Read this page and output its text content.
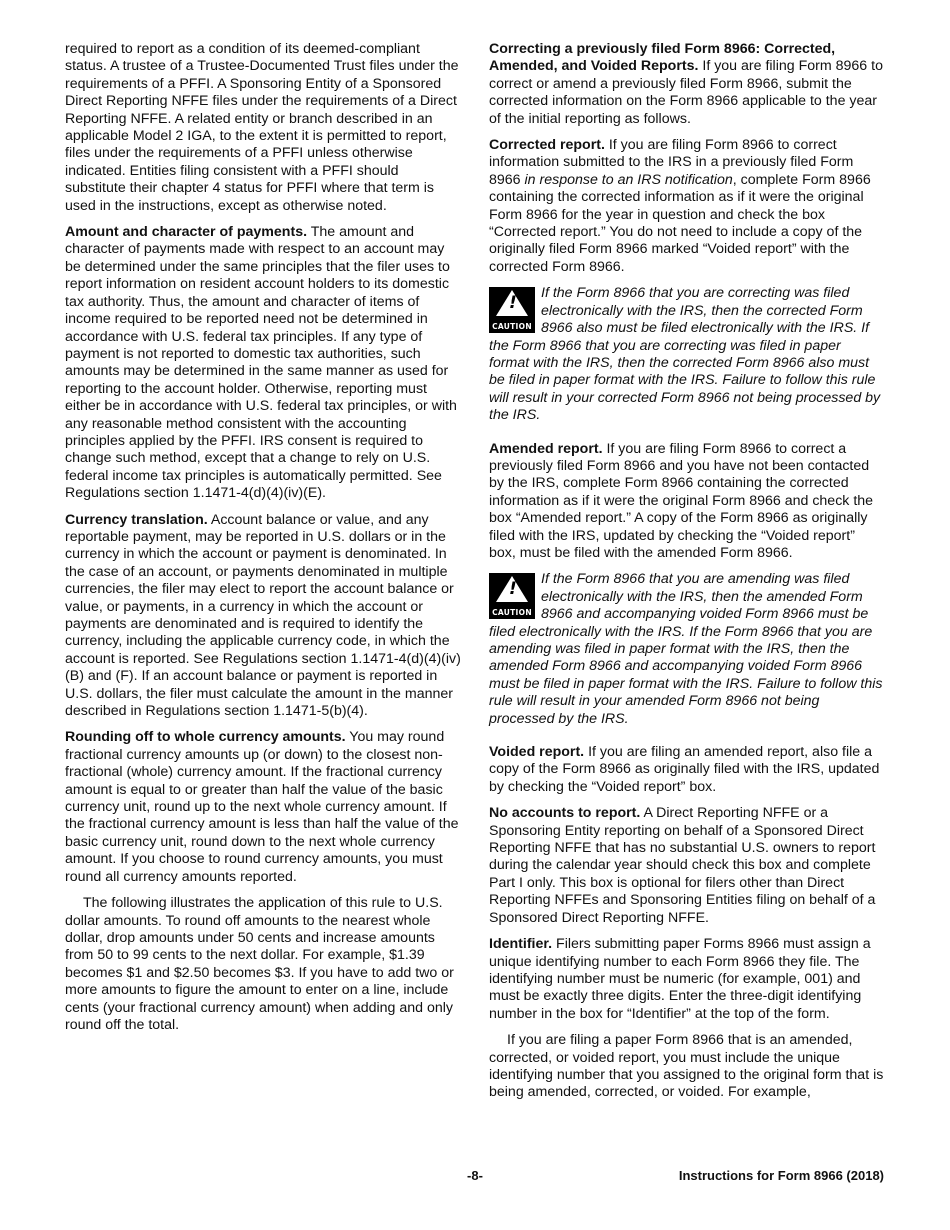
required to report as a condition of its deemed-compliant status. A trustee of a Trustee-Documented Trust files under the requirements of a PFFI. A Sponsoring Entity of a Sponsored Direct Reporting NFFE files under the requirements of a Direct Reporting NFFE. A related entity or branch described in an applicable Model 2 IGA, to the extent it is permitted to report, files under the requirements of a PFFI unless otherwise indicated. Entities filing consistent with a PFFI should substitute their chapter 4 status for PFFI where that term is used in the instructions, except as otherwise noted.

Amount and character of payments. The amount and character of payments made with respect to an account may be determined under the same principles that the filer uses to report information on resident account holders to its domestic tax authority. Thus, the amount and character of items of income required to be reported need not be determined in accordance with U.S. federal tax principles. If any type of payment is not reported to domestic tax authorities, such amounts may be determined in the same manner as used for reporting to the account holder. Otherwise, reporting must either be in accordance with U.S. federal tax principles, or with any reasonable method consistent with the accounting principles applied by the PFFI. IRS consent is required to change such method, except that a change to rely on U.S. federal income tax principles is automatically permitted. See Regulations section 1.1471-4(d)(4)(iv)(E).

Currency translation. Account balance or value, and any reportable payment, may be reported in U.S. dollars or in the currency in which the account or payment is denominated. In the case of an account, or payments denominated in multiple currencies, the filer may elect to report the account balance or value, or payments, in a currency in which the account or payments are denominated and is required to identify the currency, including the applicable currency code, in which the account is reported. See Regulations section 1.1471-4(d)(4)(iv)(B) and (F). If an account balance or payment is reported in U.S. dollars, the filer must calculate the amount in the manner described in Regulations section 1.1471-5(b)(4).

Rounding off to whole currency amounts. You may round fractional currency amounts up (or down) to the closest non-fractional (whole) currency amount. If the fractional currency amount is equal to or greater than half the value of the basic currency unit, round up to the next whole currency amount. If the fractional currency amount is less than half the value of the basic currency unit, round down to the next whole currency amount. If you choose to round currency amounts, you must round all currency amounts reported.

The following illustrates the application of this rule to U.S. dollar amounts. To round off amounts to the nearest whole dollar, drop amounts under 50 cents and increase amounts from 50 to 99 cents to the next dollar. For example, $1.39 becomes $1 and $2.50 becomes $3. If you have to add two or more amounts to figure the amount to enter on a line, include cents (your fractional currency amount) when adding and only round off the total.

Correcting a previously filed Form 8966: Corrected, Amended, and Voided Reports. If you are filing Form 8966 to correct or amend a previously filed Form 8966, submit the corrected information on the Form 8966 applicable to the year of the initial reporting as follows.

Corrected report. If you are filing Form 8966 to correct information submitted to the IRS in a previously filed Form 8966 in response to an IRS notification, complete Form 8966 containing the corrected information as if it were the original Form 8966 for the year in question and check the box “Corrected report.” You do not need to include a copy of the originally filed Form 8966 marked “Voided report” with the corrected Form 8966.

!
CAUTION
If the Form 8966 that you are correcting was filed electronically with the IRS, then the corrected Form 8966 also must be filed electronically with the IRS. If the Form 8966 that you are correcting was filed in paper format with the IRS, then the corrected Form 8966 also must be filed in paper format with the IRS. Failure to follow this rule will result in your corrected Form 8966 not being processed by the IRS.

Amended report. If you are filing Form 8966 to correct a previously filed Form 8966 and you have not been contacted by the IRS, complete Form 8966 containing the corrected information as if it were the original Form 8966 and check the box “Amended report.” A copy of the Form 8966 as originally filed with the IRS, updated by checking the “Voided report” box, must be filed with the amended Form 8966.

!
CAUTION
If the Form 8966 that you are amending was filed electronically with the IRS, then the amended Form 8966 and accompanying voided Form 8966 must be filed electronically with the IRS. If the Form 8966 that you are amending was filed in paper format with the IRS, then the amended Form 8966 and accompanying voided Form 8966 must be filed in paper format with the IRS. Failure to follow this rule will result in your amended Form 8966 not being processed by the IRS.

Voided report. If you are filing an amended report, also file a copy of the Form 8966 as originally filed with the IRS, updated by checking the “Voided report” box.

No accounts to report. A Direct Reporting NFFE or a Sponsoring Entity reporting on behalf of a Sponsored Direct Reporting NFFE that has no substantial U.S. owners to report during the calendar year should check this box and complete Part I only. This box is optional for filers other than Direct Reporting NFFEs and Sponsoring Entities filing on behalf of a Sponsored Direct Reporting NFFE.

Identifier. Filers submitting paper Forms 8966 must assign a unique identifying number to each Form 8966 they file. The identifying number must be numeric (for example, 001) and must be exactly three digits. Enter the three-digit identifying number in the box for “Identifier” at the top of the form.

If you are filing a paper Form 8966 that is an amended, corrected, or voided report, you must include the unique identifying number that you assigned to the original form that is being amended, corrected, or voided. For example,

-8-	Instructions for Form 8966 (2018)
